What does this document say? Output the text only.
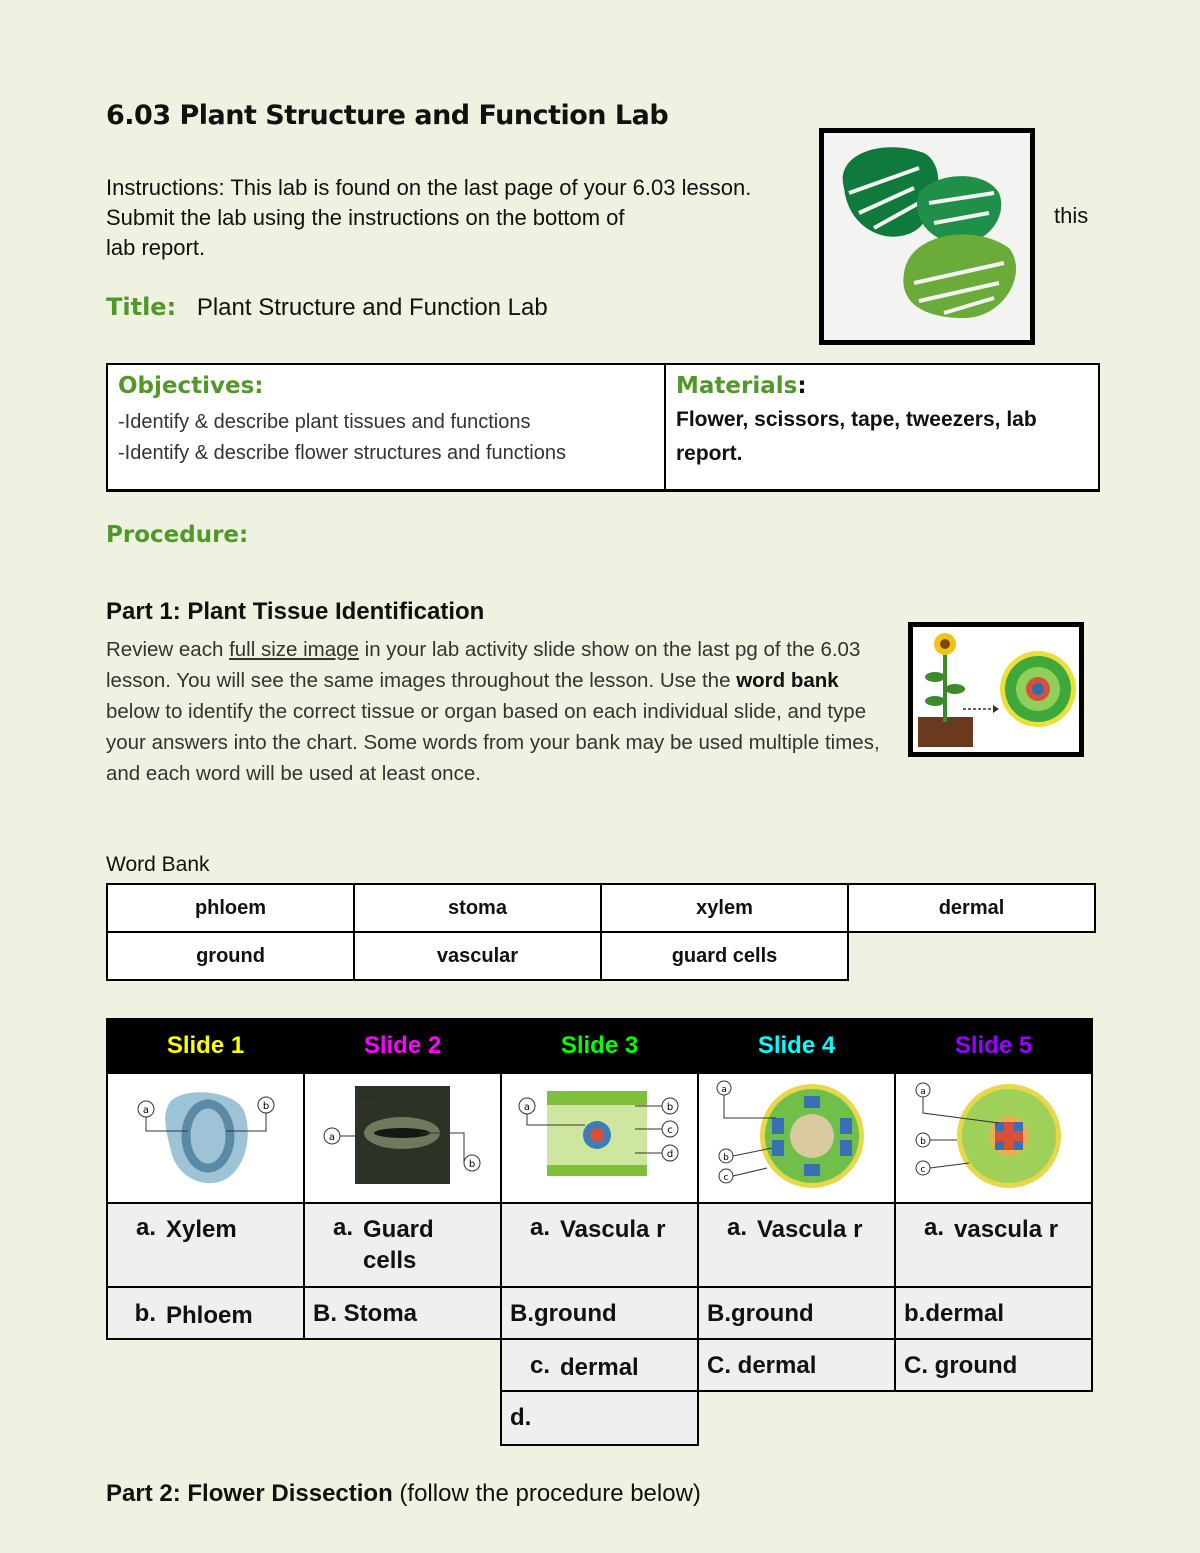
6.03 Plant Structure and Function Lab

Instructions: This lab is found on the last page of your 6.03 lesson. Submit the lab using the instructions on the bottom of
lab report.

this
Title: Plant Structure and Function Lab
Objectives:
-Identify & describe plant tissues and functions
-Identify & describe flower structures and functions
Materials:
Flower, scissors, tape, tweezers, lab report.
Procedure:
Part 1: Plant Tissue Identification
Review each full size image in your lab activity slide show on the last pg of the 6.03 lesson. You will see the same images throughout the lesson. Use the word bank below to identify the correct tissue or organ based on each individual slide, and type your answers into the chart. Some words from your bank may be used multiple times, and each word will be used at least once.
Word Bank
phloem	stoma	xylem	dermal
ground	vascular	guard cells	
Slide 1	Slide 2	Slide 3	Slide 4	Slide 5

a b	a
b	a b
c
d	a
b
c	a
b
c

a. Xylem	a. Guard cells	a. Vascula r	a. Vascula r	a. vascula r

b. Phloem	B. Stoma	B.ground	B.ground	b.dermal

		c. dermal	C. dermal	C. ground
		d.		
Part 2: Flower Dissection (follow the procedure below)
